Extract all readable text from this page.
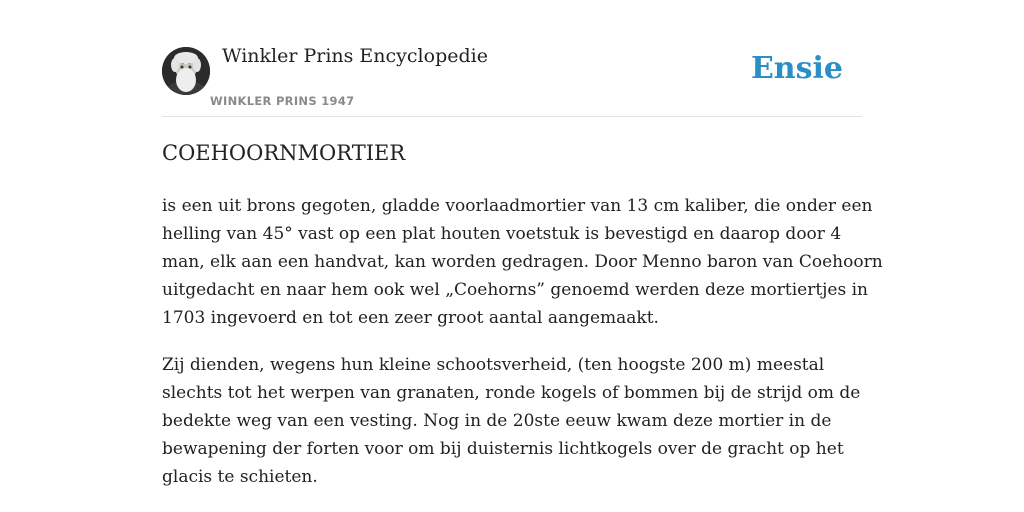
Winkler Prins Encyclopedie
WINKLER PRINS 1947
Ensie
COEHOORNMORTIER

is een uit brons gegoten, gladde voorlaadmortier van 13 cm kaliber, die onder een
helling van 45° vast op een plat houten voetstuk is bevestigd en daarop door 4
man, elk aan een handvat, kan worden gedragen. Door Menno baron van Coehoorn
uitgedacht en naar hem ook wel „Coehorns” genoemd werden deze mortiertjes in
1703 ingevoerd en tot een zeer groot aantal aangemaakt.

Zij dienden, wegens hun kleine schootsverheid, (ten hoogste 200 m) meestal
slechts tot het werpen van granaten, ronde kogels of bommen bij de strijd om de
bedekte weg van een vesting. Nog in de 20ste eeuw kwam deze mortier in de
bewapening der forten voor om bij duisternis lichtkogels over de gracht op het
glacis te schieten.
